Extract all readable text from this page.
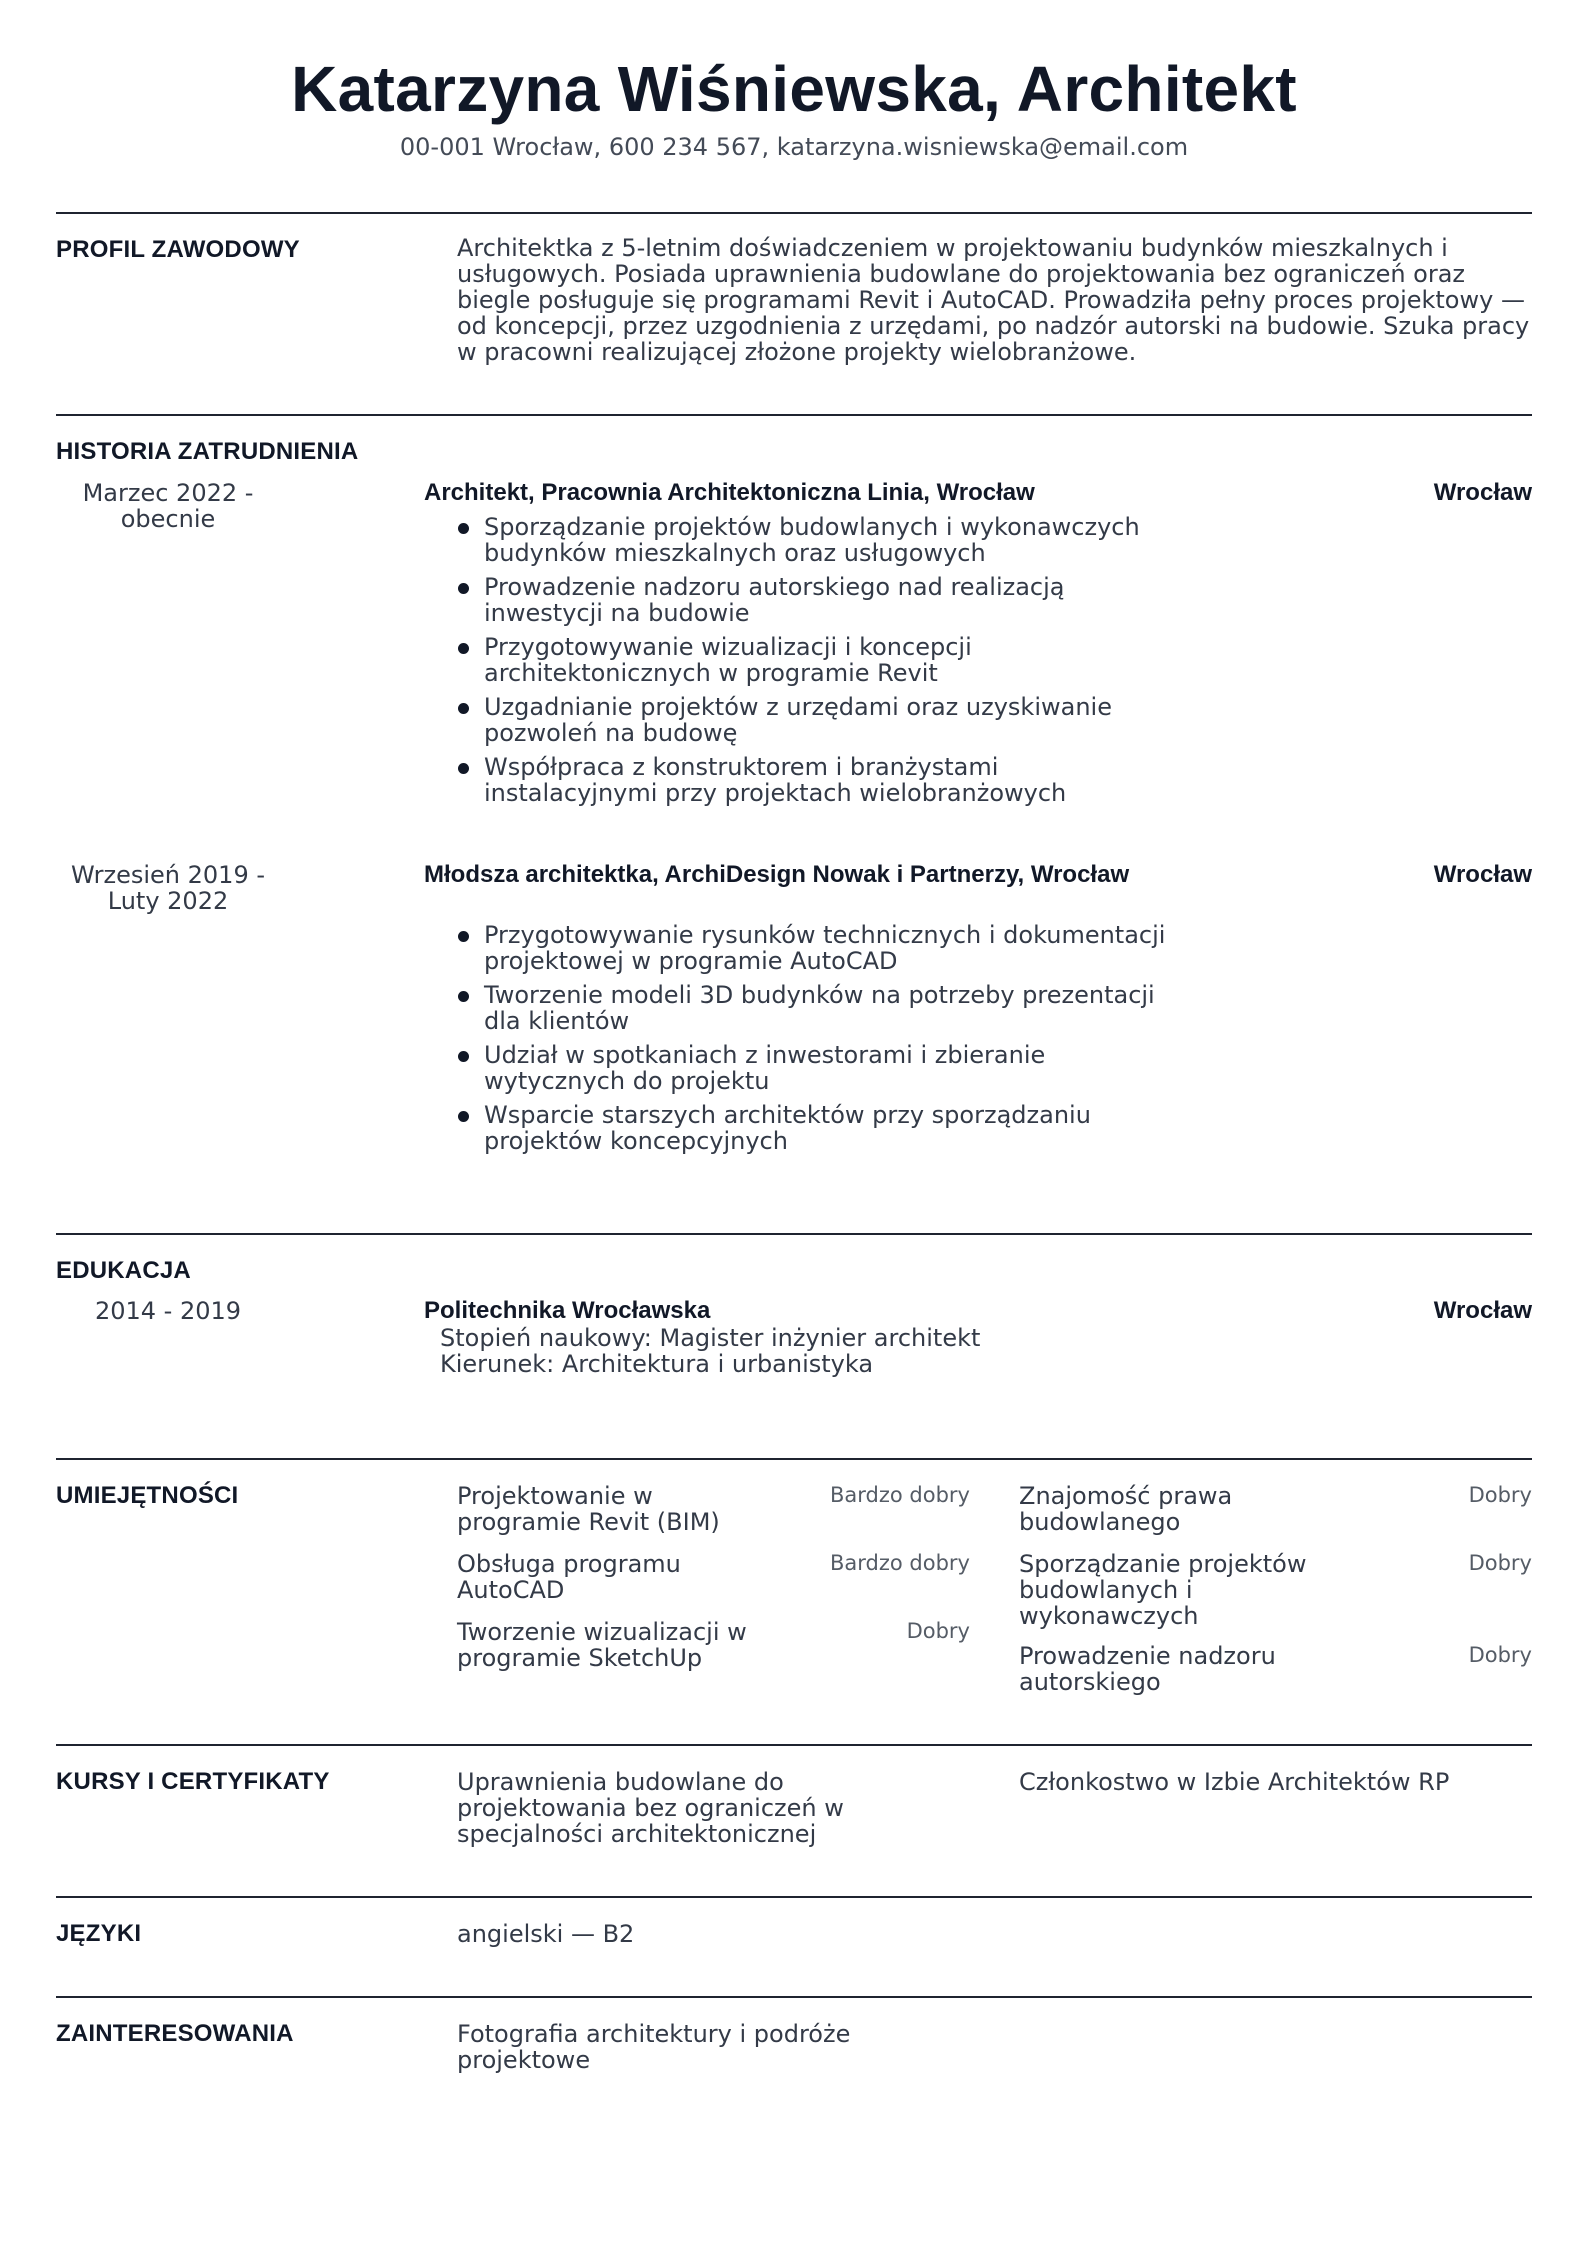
Katarzyna Wiśniewska, Architekt
00-001 Wrocław, 600 234 567, katarzyna.wisniewska@email.com
PROFIL ZAWODOWY	Architektka z 5-letnim doświadczeniem w projektowaniu budynków mieszkalnych i usługowych. Posiada uprawnienia budowlane do projektowania bez ograniczeń oraz biegle posługuje się programami Revit i AutoCAD. Prowadziła pełny proces projektowy — od koncepcji, przez uzgodnienia z urzędami, po nadzór autorski na budowie. Szuka pracy w pracowni realizującej złożone projekty wielobranżowe.
HISTORIA ZATRUDNIENIA
Marzec 2022 - obecnie
Architekt, Pracownia Architektoniczna Linia, Wrocław	Wrocław
Sporządzanie projektów budowlanych i wykonawczych budynków mieszkalnych oraz usługowych
Prowadzenie nadzoru autorskiego nad realizacją inwestycji na budowie
Przygotowywanie wizualizacji i koncepcji architektonicznych w programie Revit
Uzgadnianie projektów z urzędami oraz uzyskiwanie pozwoleń na budowę
Współpraca z konstruktorem i branżystami instalacyjnymi przy projektach wielobranżowych
Wrzesień 2019 - Luty 2022
Młodsza architektka, ArchiDesign Nowak i Partnerzy, Wrocław	Wrocław
Przygotowywanie rysunków technicznych i dokumentacji projektowej w programie AutoCAD
Tworzenie modeli 3D budynków na potrzeby prezentacji dla klientów
Udział w spotkaniach z inwestorami i zbieranie wytycznych do projektu
Wsparcie starszych architektów przy sporządzaniu projektów koncepcyjnych
EDUKACJA
2014 - 2019	Politechnika Wrocławska	Wrocław
Stopień naukowy: Magister inżynier architekt
Kierunek: Architektura i urbanistyka
UMIEJĘTNOŚCI	Projektowanie w programie Revit (BIM)
Bardzo dobry
Obsługa programu AutoCAD
Bardzo dobry
Tworzenie wizualizacji w programie SketchUp
Dobry
Znajomość prawa budowlanego
Dobry
Sporządzanie projektów budowlanych i wykonawczych
Dobry
Prowadzenie nadzoru autorskiego
Dobry
KURSY I CERTYFIKATY	Uprawnienia budowlane do projektowania bez ograniczeń w specjalności architektonicznej
Członkostwo w Izbie Architektów RP
JĘZYKI	angielski — B2
ZAINTERESOWANIA	Fotografia architektury i podróże projektowe
